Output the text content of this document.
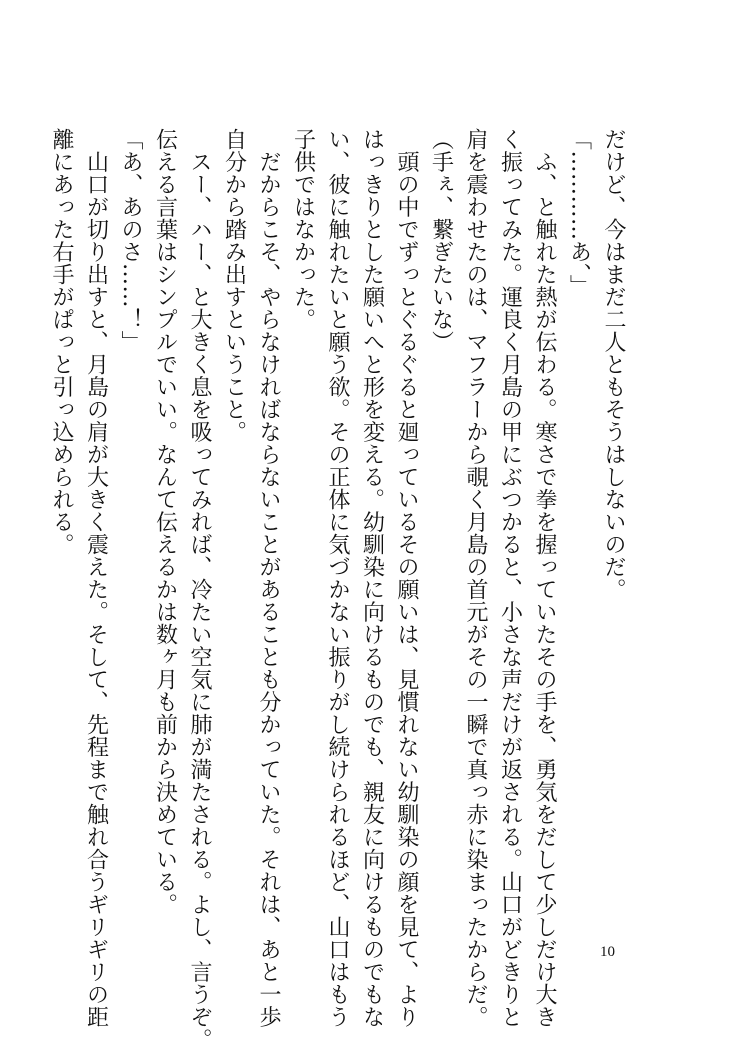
だけど、今はまだ二人ともそうはしないのだ。
「…………あ、」
　ふ、と触れた熱が伝わる。寒さで拳を握っていたその手を、勇気をだして少しだけ大き
く振ってみた。運良く月島の甲にぶつかると、小さな声だけが返される。山口がどきりと
肩を震わせたのは、マフラーから覗く月島の首元がその一瞬で真っ赤に染まったからだ。
（手ぇ、繋ぎたいな）
　頭の中でずっとぐるぐると廻っているその願いは、見慣れない幼馴染の顔を見て、より
はっきりとした願いへと形を変える。幼馴染に向けるものでも、親友に向けるものでもな
い、彼に触れたいと願う欲。その正体に気づかない振りがし続けられるほど、山口はもう
子供ではなかった。
　だからこそ、やらなければならないことがあることも分かっていた。それは、あと一歩
自分から踏み出すということ。
　スー、ハー、と大きく息を吸ってみれば、冷たい空気に肺が満たされる。よし、言うぞ。
伝える言葉はシンプルでいい。なんて伝えるかは数ヶ月も前から決めている。
「あ、あのさ……！」
　山口が切り出すと、月島の肩が大きく震えた。そして、先程まで触れ合うギリギリの距
離にあった右手がぱっと引っ込められる。
10
